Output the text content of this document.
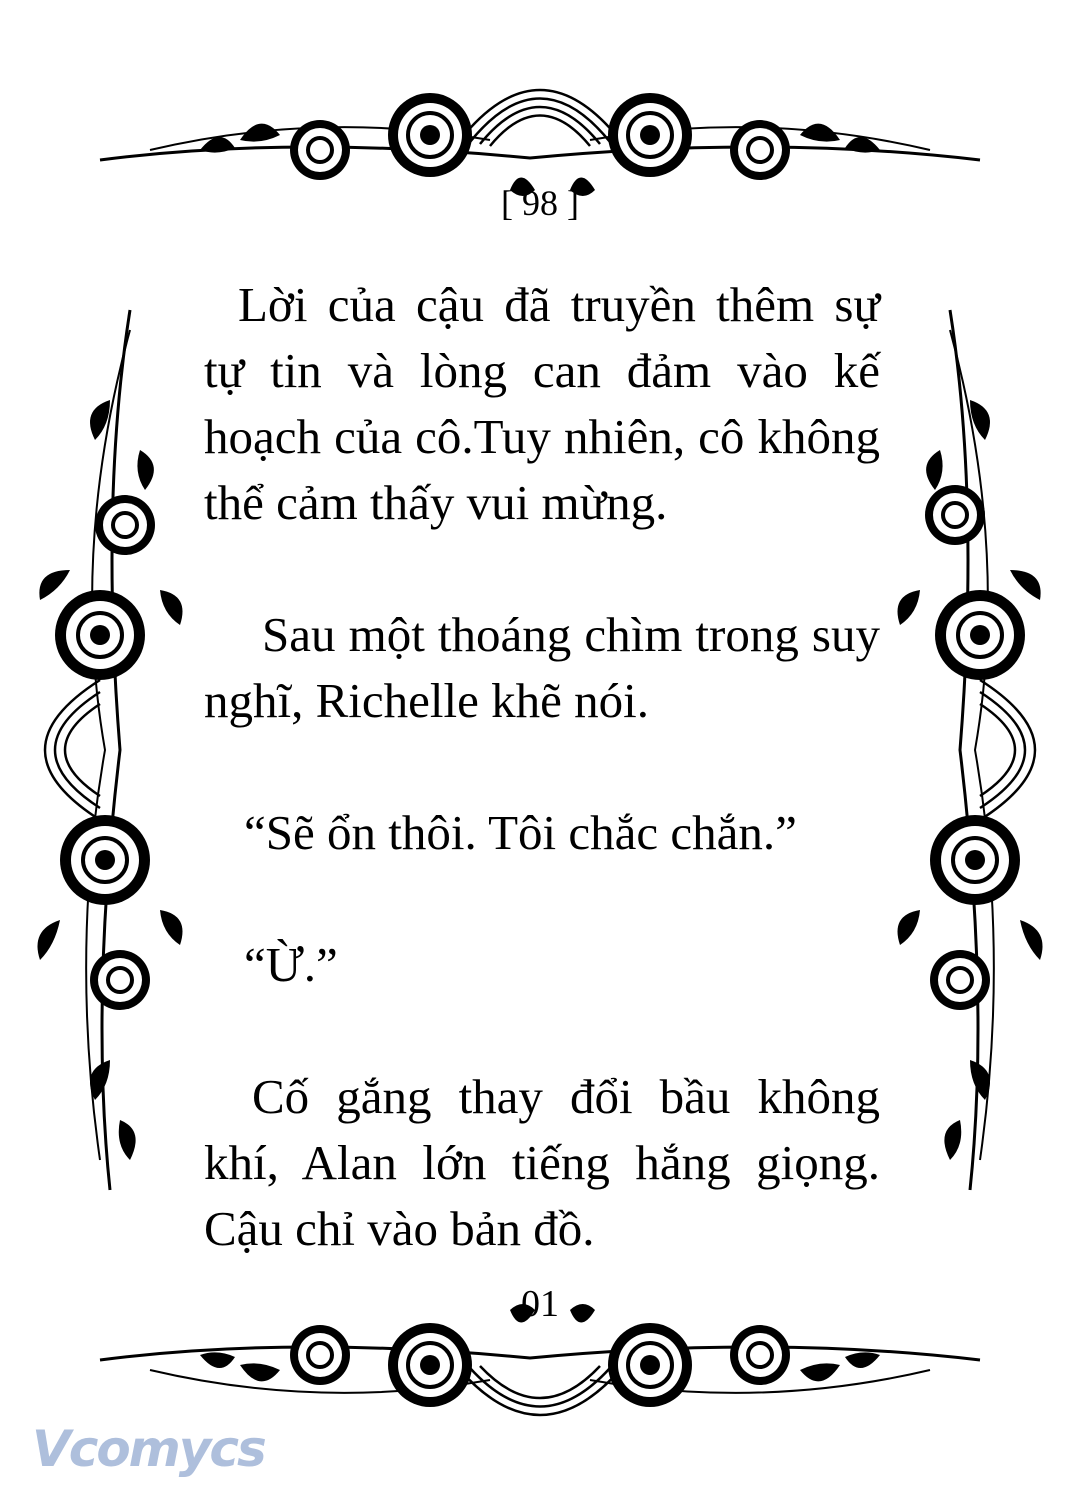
[ 98 ]

Lời của cậu đã truyền thêm sự tự tin và lòng can đảm vào kế hoạch của cô.Tuy nhiên, cô không thể cảm thấy vui mừng.

Sau một thoáng chìm trong suy nghĩ, Richelle khẽ nói.

“Sẽ ổn thôi. Tôi chắc chắn.”

“Ừ.”

Cố gắng thay đổi bầu không khí, Alan lớn tiếng hắng giọng. Cậu chỉ vào bản đồ.

01
Vcomycs
